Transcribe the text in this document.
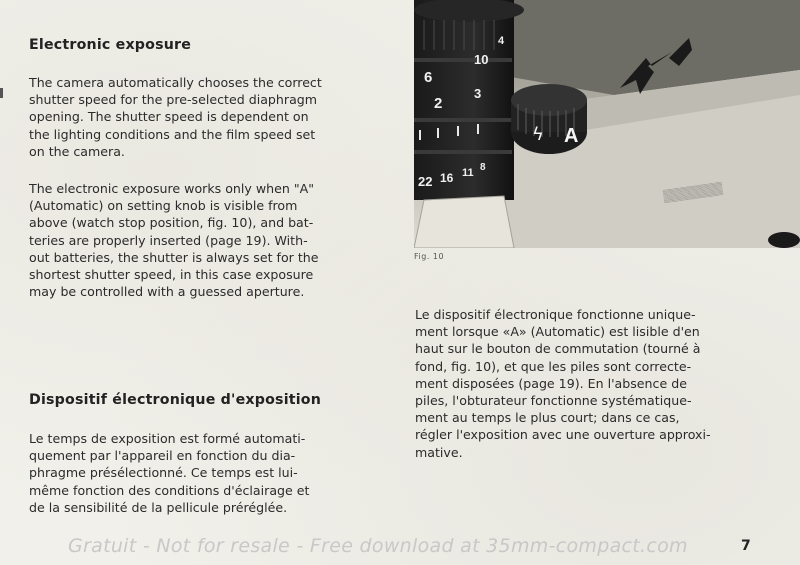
Electronic exposure

The camera automatically chooses the correct
shutter speed for the pre-selected diaphragm
opening. The shutter speed is dependent on
the lighting conditions and the film speed set
on the camera.

The electronic exposure works only when "A"
(Automatic) on setting knob is visible from
above (watch stop position, fig. 10), and bat-
teries are properly inserted (page 19). With-
out batteries, the shutter is always set for the
shortest shutter speed, in this case exposure
may be controlled with a guessed aperture.

Dispositif électronique d'exposition

Le temps de exposition est formé automati-
quement par l'appareil en fonction du dia-
phragme présélectionné. Ce temps est lui-
même fonction des conditions d'éclairage et
de la sensibilité de la pellicule préréglée.

10
4
6
2
3
22 16 11 8
ϟ A
▒▒▒▒▒▒▒
Fig. 10

Le dispositif électronique fonctionne unique-
ment lorsque «A» (Automatic) est lisible d'en
haut sur le bouton de commutation (tourné à
fond, fig. 10), et que les piles sont correcte-
ment disposées (page 19). En l'absence de
piles, l'obturateur fonctionne systématique-
ment au temps le plus court; dans ce cas,
régler l'exposition avec une ouverture approxi-
mative.

Gratuit - Not for resale - Free download at 35mm-compact.com	7
